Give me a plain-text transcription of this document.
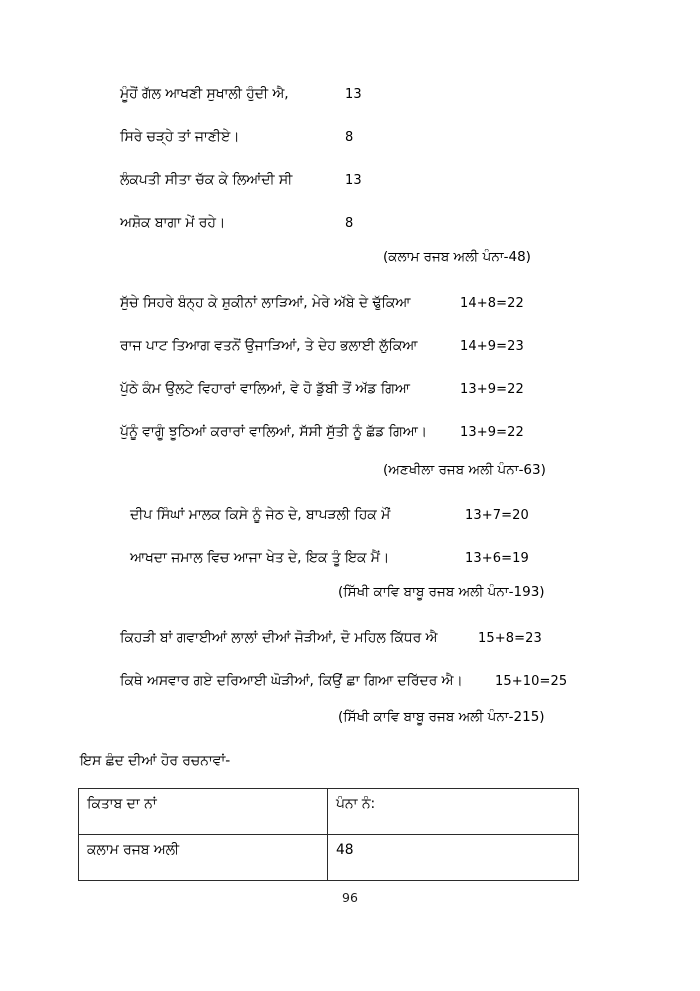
ਮੂੰਹੋਂ ਗੱਲ ਆਖਣੀ ਸੁਖਾਲੀ ਹੁੰਦੀ ਐ,	13
ਸਿਰੇ ਚੜ੍ਹੇ ਤਾਂ ਜਾਣੀਏ।	8
ਲੰਕਪਤੀ ਸੀਤਾ ਚੱਕ ਕੇ ਲਿਆਂਦੀ ਸੀ	13
ਅਸ਼ੋਕ ਬਾਗਾ ਮੇਂ ਰਹੇ।	8
(ਕਲਾਮ ਰਜਬ ਅਲੀ ਪੰਨਾ-48)
ਸੁੱਚੇ ਸਿਹਰੇ ਬੰਨ੍ਹ ਕੇ ਸ਼ੁਕੀਨਾਂ ਲਾੜਿਆਂ, ਮੇਰੇ ਅੱਬੇ ਦੇ ਢੁੱਕਿਆ	14+8=22
ਰਾਜ ਪਾਟ ਤਿਆਗ ਵਤਨੋਂ ਉਜਾੜਿਆਂ, ਤੇ ਦੇਹ ਭਲਾਈ ਲੁੱਕਿਆ	14+9=23
ਪੁੱਠੇ ਕੰਮ ਉਲਟੇ ਵਿਹਾਰਾਂ ਵਾਲਿਆਂ, ਵੇ ਹੋ ਡੁੱਬੀ ਤੋਂ ਅੱਡ ਗਿਆ	13+9=22
ਪੁੱਨੂੰ ਵਾਗੂੰ ਝੂਠਿਆਂ ਕਰਾਰਾਂ ਵਾਲਿਆਂ, ਸੱਸੀ ਸੁੱਤੀ ਨੂੰ ਛੱਡ ਗਿਆ।	13+9=22
(ਅਣਖੀਲਾ ਰਜਬ ਅਲੀ ਪੰਨਾ-63)
ਦੀਪ ਸਿੰਘਾਂ ਮਾਲਕ ਕਿਸੇ ਨੂੰ ਜੇਠ ਦੇ, ਬਾਪੜਲੀ ਹਿਕ ਮੌਂ	13+7=20
ਆਖਦਾ ਜਮਾਲ ਵਿਚ ਆਜਾ ਖੇਤ ਦੇ, ਇਕ ਤੂੰ ਇਕ ਮੈਂ।	13+6=19
(ਸਿੱਖੀ ਕਾਵਿ ਬਾਬੂ ਰਜਬ ਅਲੀ ਪੰਨਾ-193)
ਕਿਹੜੀ ਬਾਂ ਗਵਾਈਆਂ ਲਾਲਾਂ ਦੀਆਂ ਜੋੜੀਆਂ, ਦੋ ਮਹਿਲ ਕਿੱਧਰ ਐ	15+8=23
ਕਿਥੇ ਅਸਵਾਰ ਗਏ ਦਰਿਆਈ ਘੋੜੀਆਂ, ਕਿਉਂ ਛਾ ਗਿਆ ਦਰਿੱਦਰ ਐ।	15+10=25
(ਸਿੱਖੀ ਕਾਵਿ ਬਾਬੂ ਰਜਬ ਅਲੀ ਪੰਨਾ-215)
ਇਸ ਛੰਦ ਦੀਆਂ ਹੋਰ ਰਚਨਾਵਾਂ-
ਕਿਤਾਬ ਦਾ ਨਾਂ	ਪੰਨਾ ਨੰ:
ਕਲਾਮ ਰਜਬ ਅਲੀ	48
96
